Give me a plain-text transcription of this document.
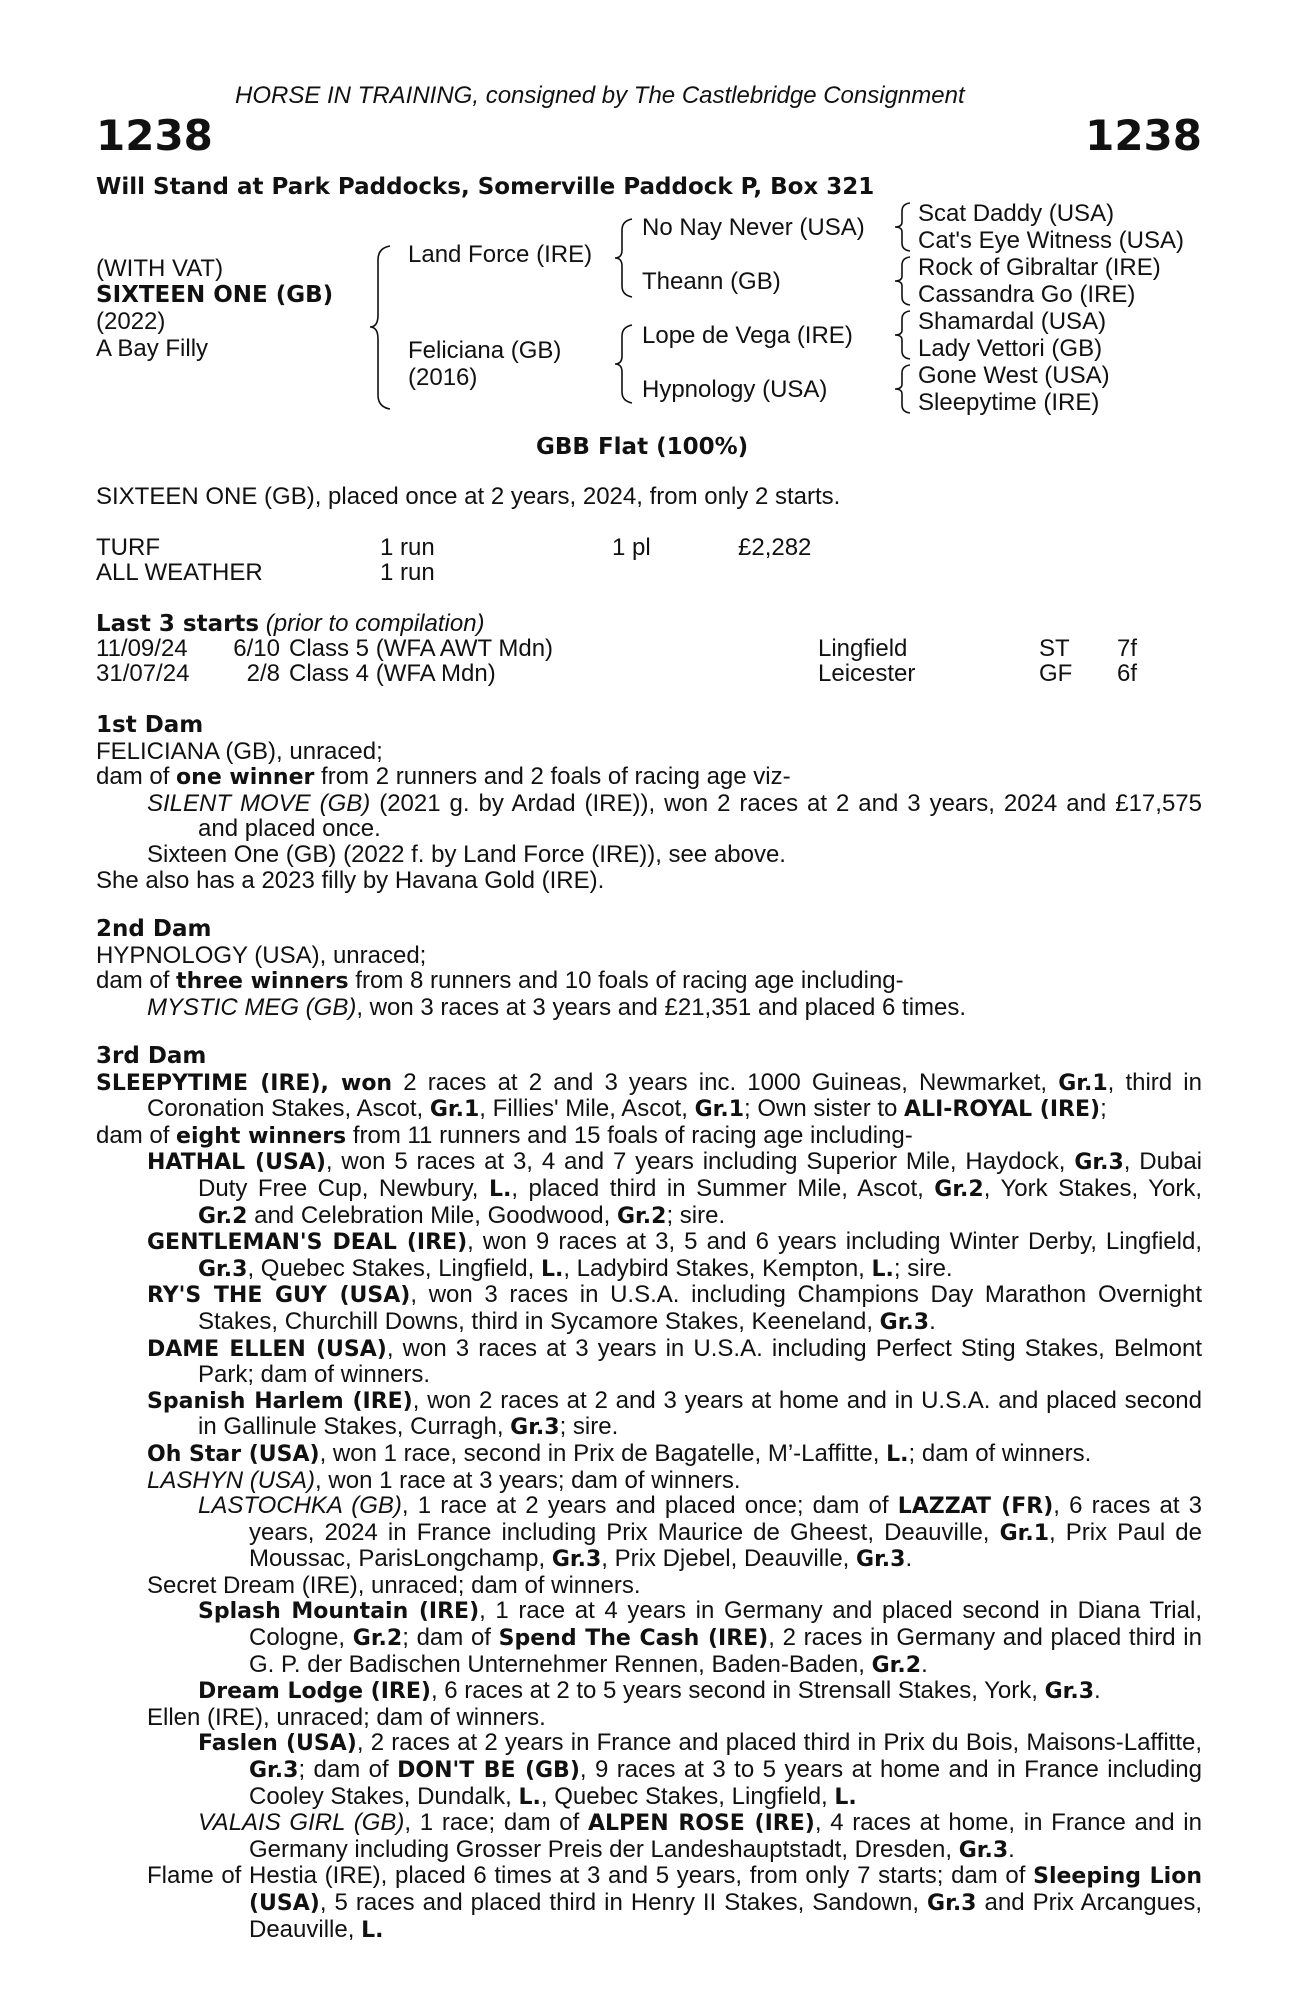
HORSE IN TRAINING, consigned by The Castlebridge Consignment
1238	1238
Will Stand at Park Paddocks, Somerville Paddock P, Box 321
(WITH VAT)
SIXTEEN ONE (GB)
(2022)
A Bay Filly
Land Force (IRE)
Feliciana (GB)
(2016)
No Nay Never (USA)
Theann (GB)
Lope de Vega (IRE)
Hypnology (USA)
Scat Daddy (USA)
Cat's Eye Witness (USA)
Rock of Gibraltar (IRE)
Cassandra Go (IRE)
Shamardal (USA)
Lady Vettori (GB)
Gone West (USA)
Sleepytime (IRE)
GBB Flat (100%)
SIXTEEN ONE (GB), placed once at 2 years, 2024, from only 2 starts.
TURF	1 run	1 pl	£2,282
ALL WEATHER	1 run
Last 3 starts (prior to compilation)
11/09/24 6/10 Class 5 (WFA AWT Mdn)	Lingfield	ST 7f
31/07/24 2/8 Class 4 (WFA Mdn)	Leicester	GF 6f

1st Dam

FELICIANA (GB), unraced;

dam of one winner from 2 runners and 2 foals of racing age viz-

SILENT MOVE (GB) (2021 g. by Ardad (IRE)), won 2 races at 2 and 3 years, 2024 and £17,575 and placed once.

Sixteen One (GB) (2022 f. by Land Force (IRE)), see above.

She also has a 2023 filly by Havana Gold (IRE).

2nd Dam

HYPNOLOGY (USA), unraced;

dam of three winners from 8 runners and 10 foals of racing age including-

MYSTIC MEG (GB), won 3 races at 3 years and £21,351 and placed 6 times.

3rd Dam

SLEEPYTIME (IRE), won 2 races at 2 and 3 years inc. 1000 Guineas, Newmarket, Gr.1, third in Coronation Stakes, Ascot, Gr.1, Fillies' Mile, Ascot, Gr.1; Own sister to ALI-ROYAL (IRE);

dam of eight winners from 11 runners and 15 foals of racing age including-

HATHAL (USA), won 5 races at 3, 4 and 7 years including Superior Mile, Haydock, Gr.3, Dubai Duty Free Cup, Newbury, L., placed third in Summer Mile, Ascot, Gr.2, York Stakes, York, Gr.2 and Celebration Mile, Goodwood, Gr.2; sire.

GENTLEMAN'S DEAL (IRE), won 9 races at 3, 5 and 6 years including Winter Derby, Lingfield, Gr.3, Quebec Stakes, Lingfield, L., Ladybird Stakes, Kempton, L.; sire.

RY'S THE GUY (USA), won 3 races in U.S.A. including Champions Day Marathon Overnight Stakes, Churchill Downs, third in Sycamore Stakes, Keeneland, Gr.3.

DAME ELLEN (USA), won 3 races at 3 years in U.S.A. including Perfect Sting Stakes, Belmont Park; dam of winners.

Spanish Harlem (IRE), won 2 races at 2 and 3 years at home and in U.S.A. and placed second in Gallinule Stakes, Curragh, Gr.3; sire.

Oh Star (USA), won 1 race, second in Prix de Bagatelle, M’-Laffitte, L.; dam of winners.

LASHYN (USA), won 1 race at 3 years; dam of winners.

LASTOCHKA (GB), 1 race at 2 years and placed once; dam of LAZZAT (FR), 6 races at 3 years, 2024 in France including Prix Maurice de Gheest, Deauville, Gr.1, Prix Paul de Moussac, ParisLongchamp, Gr.3, Prix Djebel, Deauville, Gr.3.

Secret Dream (IRE), unraced; dam of winners.

Splash Mountain (IRE), 1 race at 4 years in Germany and placed second in Diana Trial, Cologne, Gr.2; dam of Spend The Cash (IRE), 2 races in Germany and placed third in G. P. der Badischen Unternehmer Rennen, Baden-Baden, Gr.2.

Dream Lodge (IRE), 6 races at 2 to 5 years second in Strensall Stakes, York, Gr.3.

Ellen (IRE), unraced; dam of winners.

Faslen (USA), 2 races at 2 years in France and placed third in Prix du Bois, Maisons-Laffitte, Gr.3; dam of DON'T BE (GB), 9 races at 3 to 5 years at home and in France including Cooley Stakes, Dundalk, L., Quebec Stakes, Lingfield, L.

VALAIS GIRL (GB), 1 race; dam of ALPEN ROSE (IRE), 4 races at home, in France and in Germany including Grosser Preis der Landeshauptstadt, Dresden, Gr.3.

Flame of Hestia (IRE), placed 6 times at 3 and 5 years, from only 7 starts; dam of Sleeping Lion (USA), 5 races and placed third in Henry II Stakes, Sandown, Gr.3 and Prix Arcangues, Deauville, L.
